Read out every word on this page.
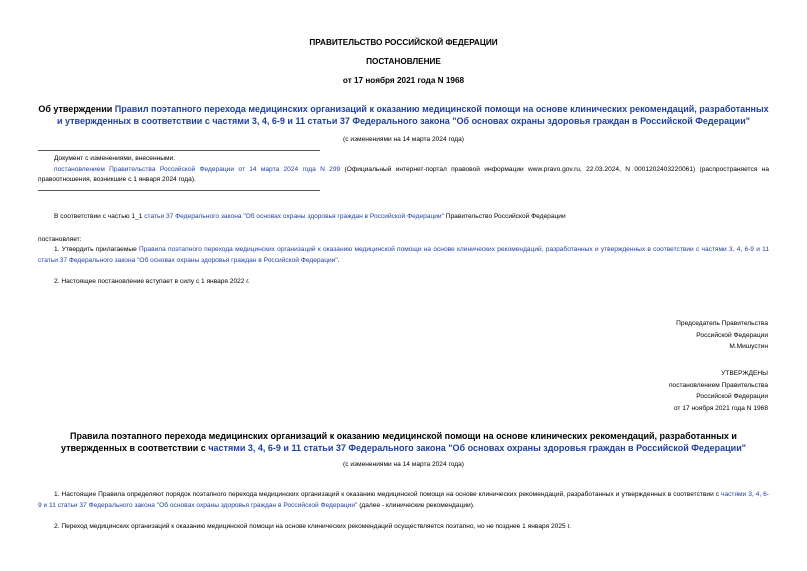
ПРАВИТЕЛЬСТВО РОССИЙСКОЙ ФЕДЕРАЦИИ
ПОСТАНОВЛЕНИЕ
от 17 ноября 2021 года N 1968
Об утверждении Правил поэтапного перехода медицинских организаций к оказанию медицинской помощи на основе клинических рекомендаций, разработанных и утвержденных в соответствии с частями 3, 4, 6-9 и 11 статьи 37 Федерального закона "Об основах охраны здоровья граждан в Российской Федерации"
(с изменениями на 14 марта 2024 года)
Документ с изменениями, внесенными:
постановлением Правительства Российской Федерации от 14 марта 2024 года N 299 (Официальный интернет-портал правовой информации www.pravo.gov.ru, 22.03.2024, N 0001202403220061) (распространяется на правоотношения, возникшие с 1 января 2024 года).
В соответствии с частью 1_1 статьи 37 Федерального закона "Об основах охраны здоровья граждан в Российской Федерации" Правительство Российской Федерации
постановляет:
1. Утвердить прилагаемые Правила поэтапного перехода медицинских организаций к оказанию медицинской помощи на основе клинических рекомендаций, разработанных и утвержденных в соответствии с частями 3, 4, 6-9 и 11 статьи 37 Федерального закона "Об основах охраны здоровья граждан в Российской Федерации".
2. Настоящее постановление вступает в силу с 1 января 2022 г.
Председатель Правительства
Российской Федерации
М.Мишустин
УТВЕРЖДЕНЫ
постановлением Правительства
Российской Федерации
от 17 ноября 2021 года N 1968
Правила поэтапного перехода медицинских организаций к оказанию медицинской помощи на основе клинических рекомендаций, разработанных и утвержденных в соответствии с частями 3, 4, 6-9 и 11 статьи 37 Федерального закона "Об основах охраны здоровья граждан в Российской Федерации"
(с изменениями на 14 марта 2024 года)
1. Настоящие Правила определяют порядок поэтапного перехода медицинских организаций к оказанию медицинской помощи на основе клинических рекомендаций, разработанных и утвержденных в соответствии с частями 3, 4, 6-9 и 11 статьи 37 Федерального закона "Об основах охраны здоровья граждан в Российской Федерации" (далее - клинические рекомендации).
2. Переход медицинских организаций к оказанию медицинской помощи на основе клинических рекомендаций осуществляется поэтапно, но не позднее 1 января 2025 г.
